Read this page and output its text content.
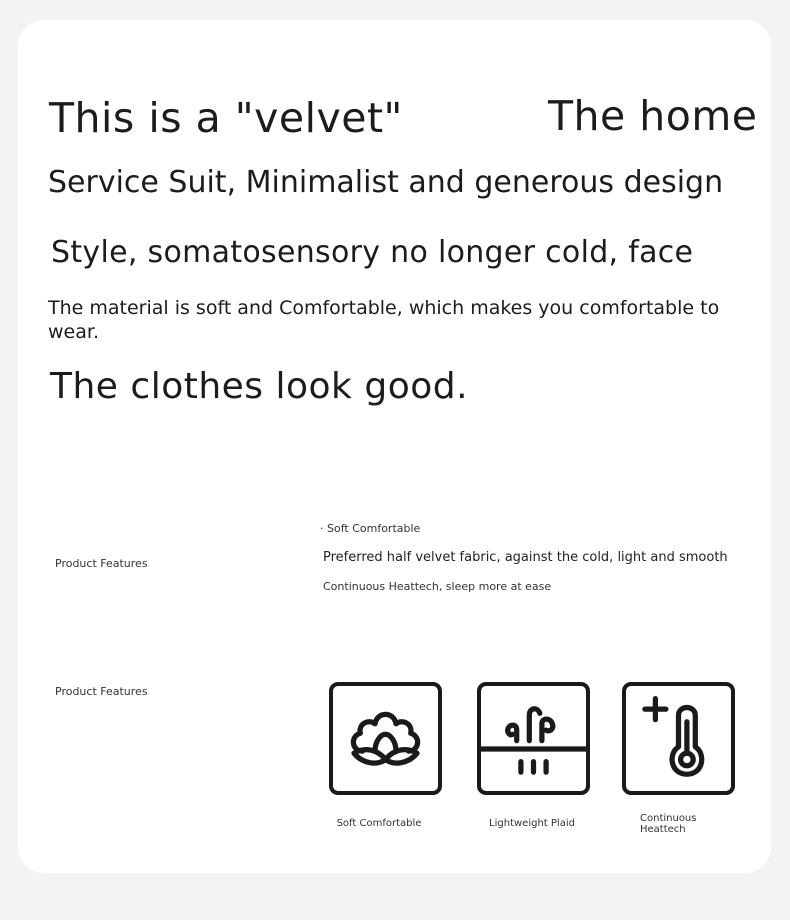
This is a "velvet"	The home
Service Suit, Minimalist and generous design
Style, somatosensory no longer cold, face
The material is soft and Comfortable, which makes you comfortable to wear.
The clothes look good.
Product Features
· Soft Comfortable
Preferred half velvet fabric, against the cold, light and smooth
Continuous Heattech, sleep more at ease
Product Features
Soft Comfortable	Lightweight Plaid	Continuous Heattech
